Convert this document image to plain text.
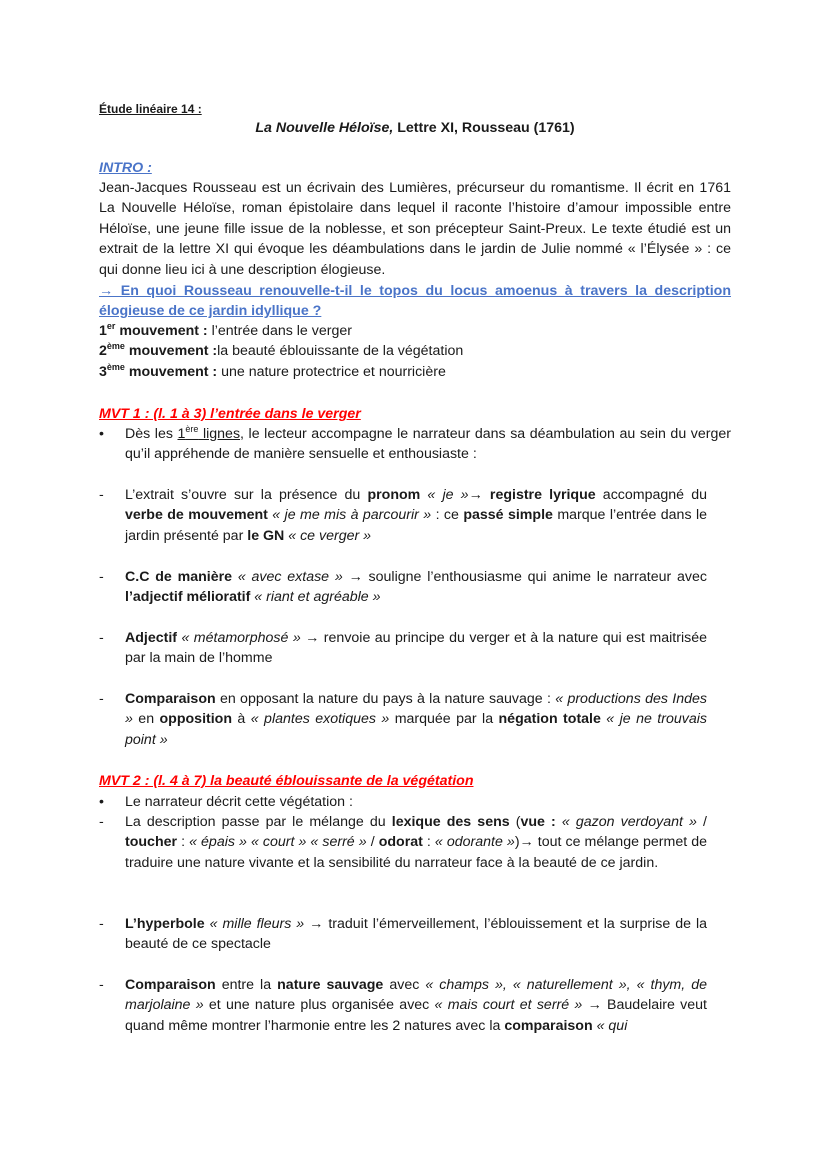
Étude linéaire 14 :
La Nouvelle Héloïse, Lettre XI, Rousseau (1761)
INTRO :
Jean-Jacques Rousseau est un écrivain des Lumières, précurseur du romantisme. Il écrit en 1761 La Nouvelle Héloïse, roman épistolaire dans lequel il raconte l’histoire d’amour impossible entre Héloïse, une jeune fille issue de la noblesse, et son précepteur Saint-Preux. Le texte étudié est un extrait de la lettre XI qui évoque les déambulations dans le jardin de Julie nommé « l’Élysée » : ce qui donne lieu ici à une description élogieuse.
→ En quoi Rousseau renouvelle-t-il le topos du locus amoenus à travers la description élogieuse de ce jardin idyllique ?
1er mouvement : l’entrée dans le verger
2ème mouvement :la beauté éblouissante de la végétation
3ème mouvement : une nature protectrice et nourricière
MVT 1 : (l. 1 à 3) l’entrée dans le verger
•	Dès les 1ère lignes, le lecteur accompagne le narrateur dans sa déambulation au sein du verger qu’il appréhende de manière sensuelle et enthousiaste :
-	L’extrait s’ouvre sur la présence du pronom « je »→ registre lyrique accompagné du verbe de mouvement « je me mis à parcourir » : ce passé simple marque l’entrée dans le jardin présenté par le GN « ce verger »
-	C.C de manière « avec extase » → souligne l’enthousiasme qui anime le narrateur avec l’adjectif mélioratif « riant et agréable »
-	Adjectif « métamorphosé » → renvoie au principe du verger et à la nature qui est maitrisée par la main de l’homme
-	Comparaison en opposant la nature du pays à la nature sauvage : « productions des Indes » en opposition à « plantes exotiques » marquée par la négation totale « je ne trouvais point »
MVT 2 : (l. 4 à 7) la beauté éblouissante de la végétation
•	Le narrateur décrit cette végétation :
-	La description passe par le mélange du lexique des sens (vue : « gazon verdoyant » / toucher : « épais » « court » « serré » / odorat : « odorante »)→ tout ce mélange permet de traduire une nature vivante et la sensibilité du narrateur face à la beauté de ce jardin.
-	L’hyperbole « mille fleurs » → traduit l’émerveillement, l’éblouissement et la surprise de la beauté de ce spectacle
-	Comparaison entre la nature sauvage avec « champs », « naturellement », « thym, de marjolaine » et une nature plus organisée avec « mais court et serré » → Baudelaire veut quand même montrer l’harmonie entre les 2 natures avec la comparaison « qui
